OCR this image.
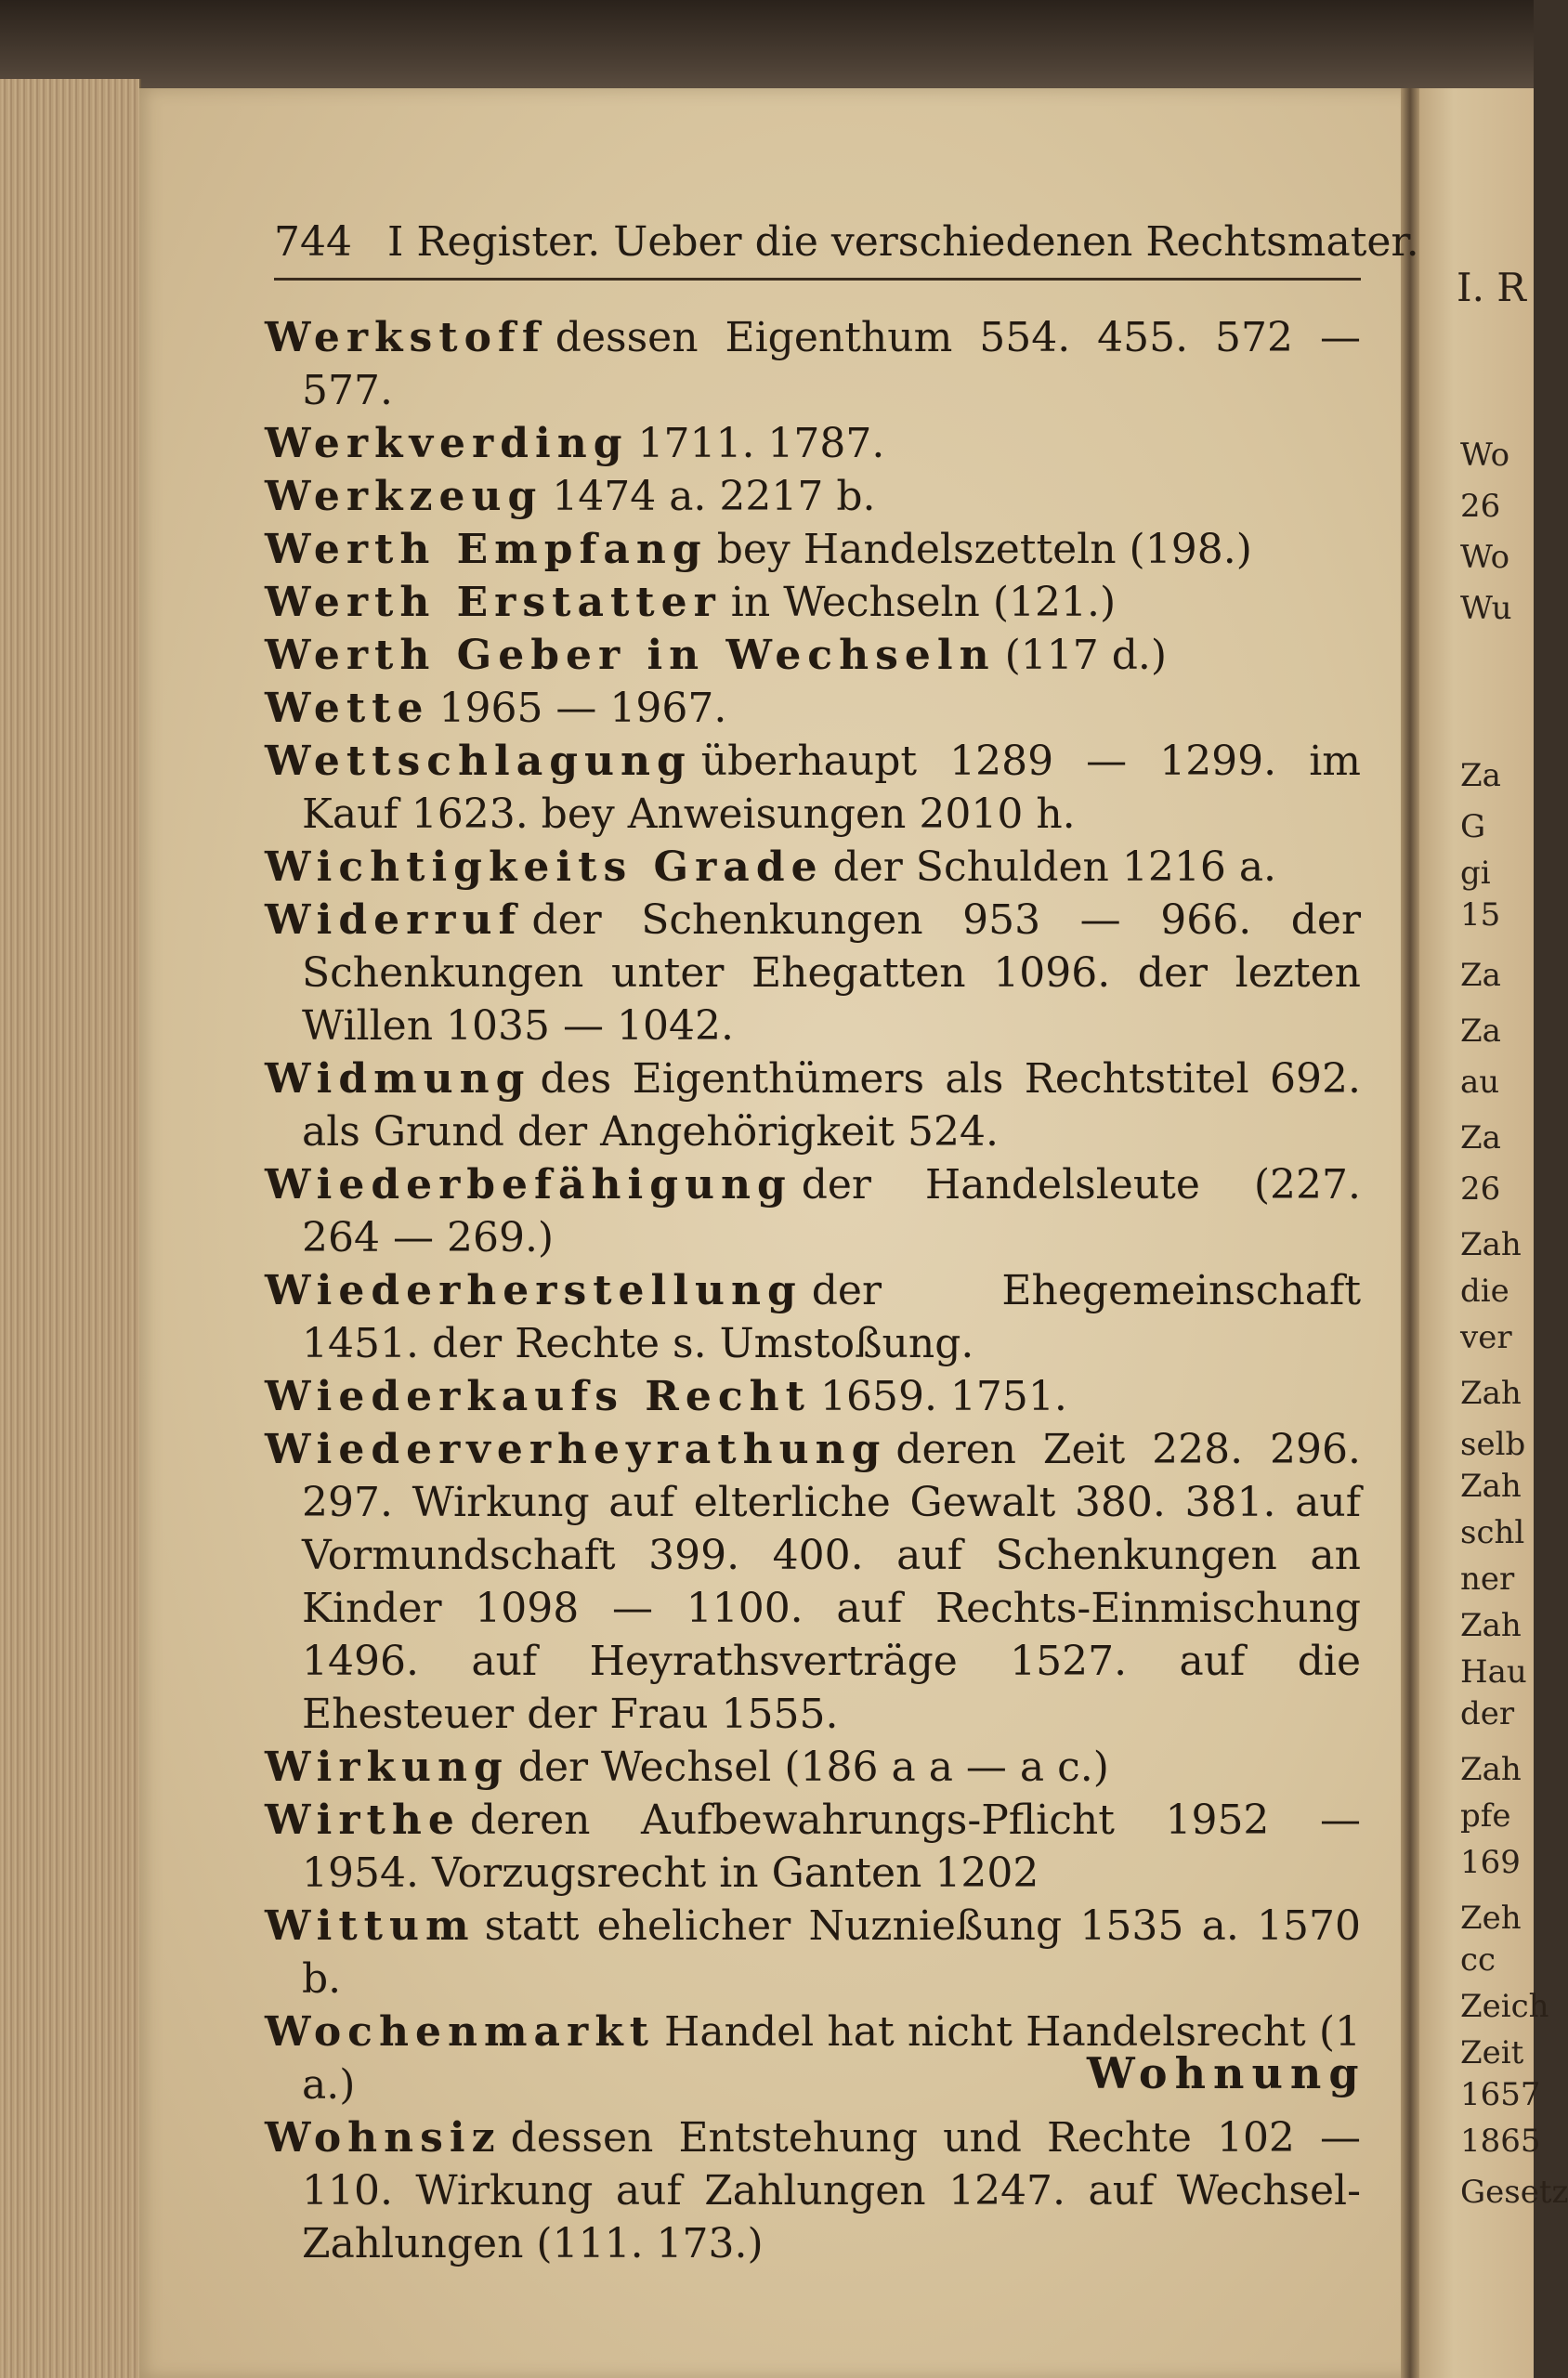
I. R
Wo
26
Wo
Wu
Za
G
gi
15
Za
Za
au
Za
26
Zah
die
ver
Zah
selb
Zah
schl
ner
Zah
Hau
der
Zah
pfe
169
Zeh
cc
Zeich
Zeit
1657
1865
Gesetz
744 I Register. Ueber die verschiedenen Rechtsmater.

Werkstoff dessen Eigenthum 554. 455. 572 — 577.

Werkverding 1711. 1787.

Werkzeug 1474 a. 2217 b.

Werth Empfang bey Handelszetteln (198.)

Werth Erstatter in Wechseln (121.)

Werth Geber in Wechseln (117 d.)

Wette 1965 — 1967.

Wettschlagung überhaupt 1289 — 1299. im Kauf 1623. bey Anweisungen 2010 h.

Wichtigkeits Grade der Schulden 1216 a.

Widerruf der Schenkungen 953 — 966. der Schenkungen unter Ehegatten 1096. der lezten Willen 1035 — 1042.

Widmung des Eigenthümers als Rechtstitel 692. als Grund der Angehörigkeit 524.

Wiederbefähigung der Handelsleute (227. 264 — 269.)

Wiederherstellung der Ehegemeinschaft 1451. der Rechte s. Umstoßung.

Wiederkaufs Recht 1659. 1751.

Wiederverheyrathung deren Zeit 228. 296. 297. Wirkung auf elterliche Gewalt 380. 381. auf Vormundschaft 399. 400. auf Schenkungen an Kinder 1098 — 1100. auf Rechts-Einmischung 1496. auf Heyrathsverträge 1527. auf die Ehesteuer der Frau 1555.

Wirkung der Wechsel (186 a a — a c.)

Wirthe deren Aufbewahrungs-Pflicht 1952 — 1954. Vorzugsrecht in Ganten 1202

Wittum statt ehelicher Nuznießung 1535 a. 1570 b.

Wochenmarkt Handel hat nicht Handelsrecht (1 a.)

Wohnsiz dessen Entstehung und Rechte 102 — 110. Wirkung auf Zahlungen 1247. auf Wechsel-Zahlungen (111. 173.)

Wohnung
